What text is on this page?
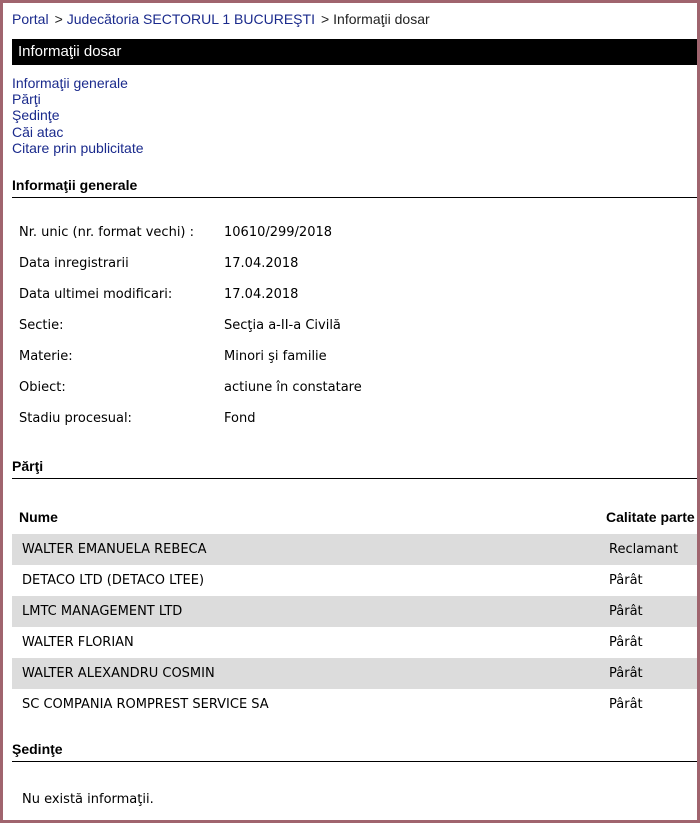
Portal > Judecătoria SECTORUL 1 BUCUREŞTI > Informaţii dosar
Informaţii dosar
Informaţii generale
Părţi
Şedinţe
Căi atac
Citare prin publicitate
Informaţii generale
Nr. unic (nr. format vechi) :	10610/299/2018
Data inregistrarii	17.04.2018
Data ultimei modificari:	17.04.2018
Sectie:	Secţia a-II-a Civilă
Materie:	Minori şi familie
Obiect:	actiune în constatare
Stadiu procesual:	Fond
Părţi
Nume	Calitate parte
WALTER EMANUELA REBECA	Reclamant
DETACO LTD (DETACO LTEE)	Pârât
LMTC MANAGEMENT LTD	Pârât
WALTER FLORIAN	Pârât
WALTER ALEXANDRU COSMIN	Pârât
SC COMPANIA ROMPREST SERVICE SA	Pârât
Şedinţe
Nu există informaţii.
